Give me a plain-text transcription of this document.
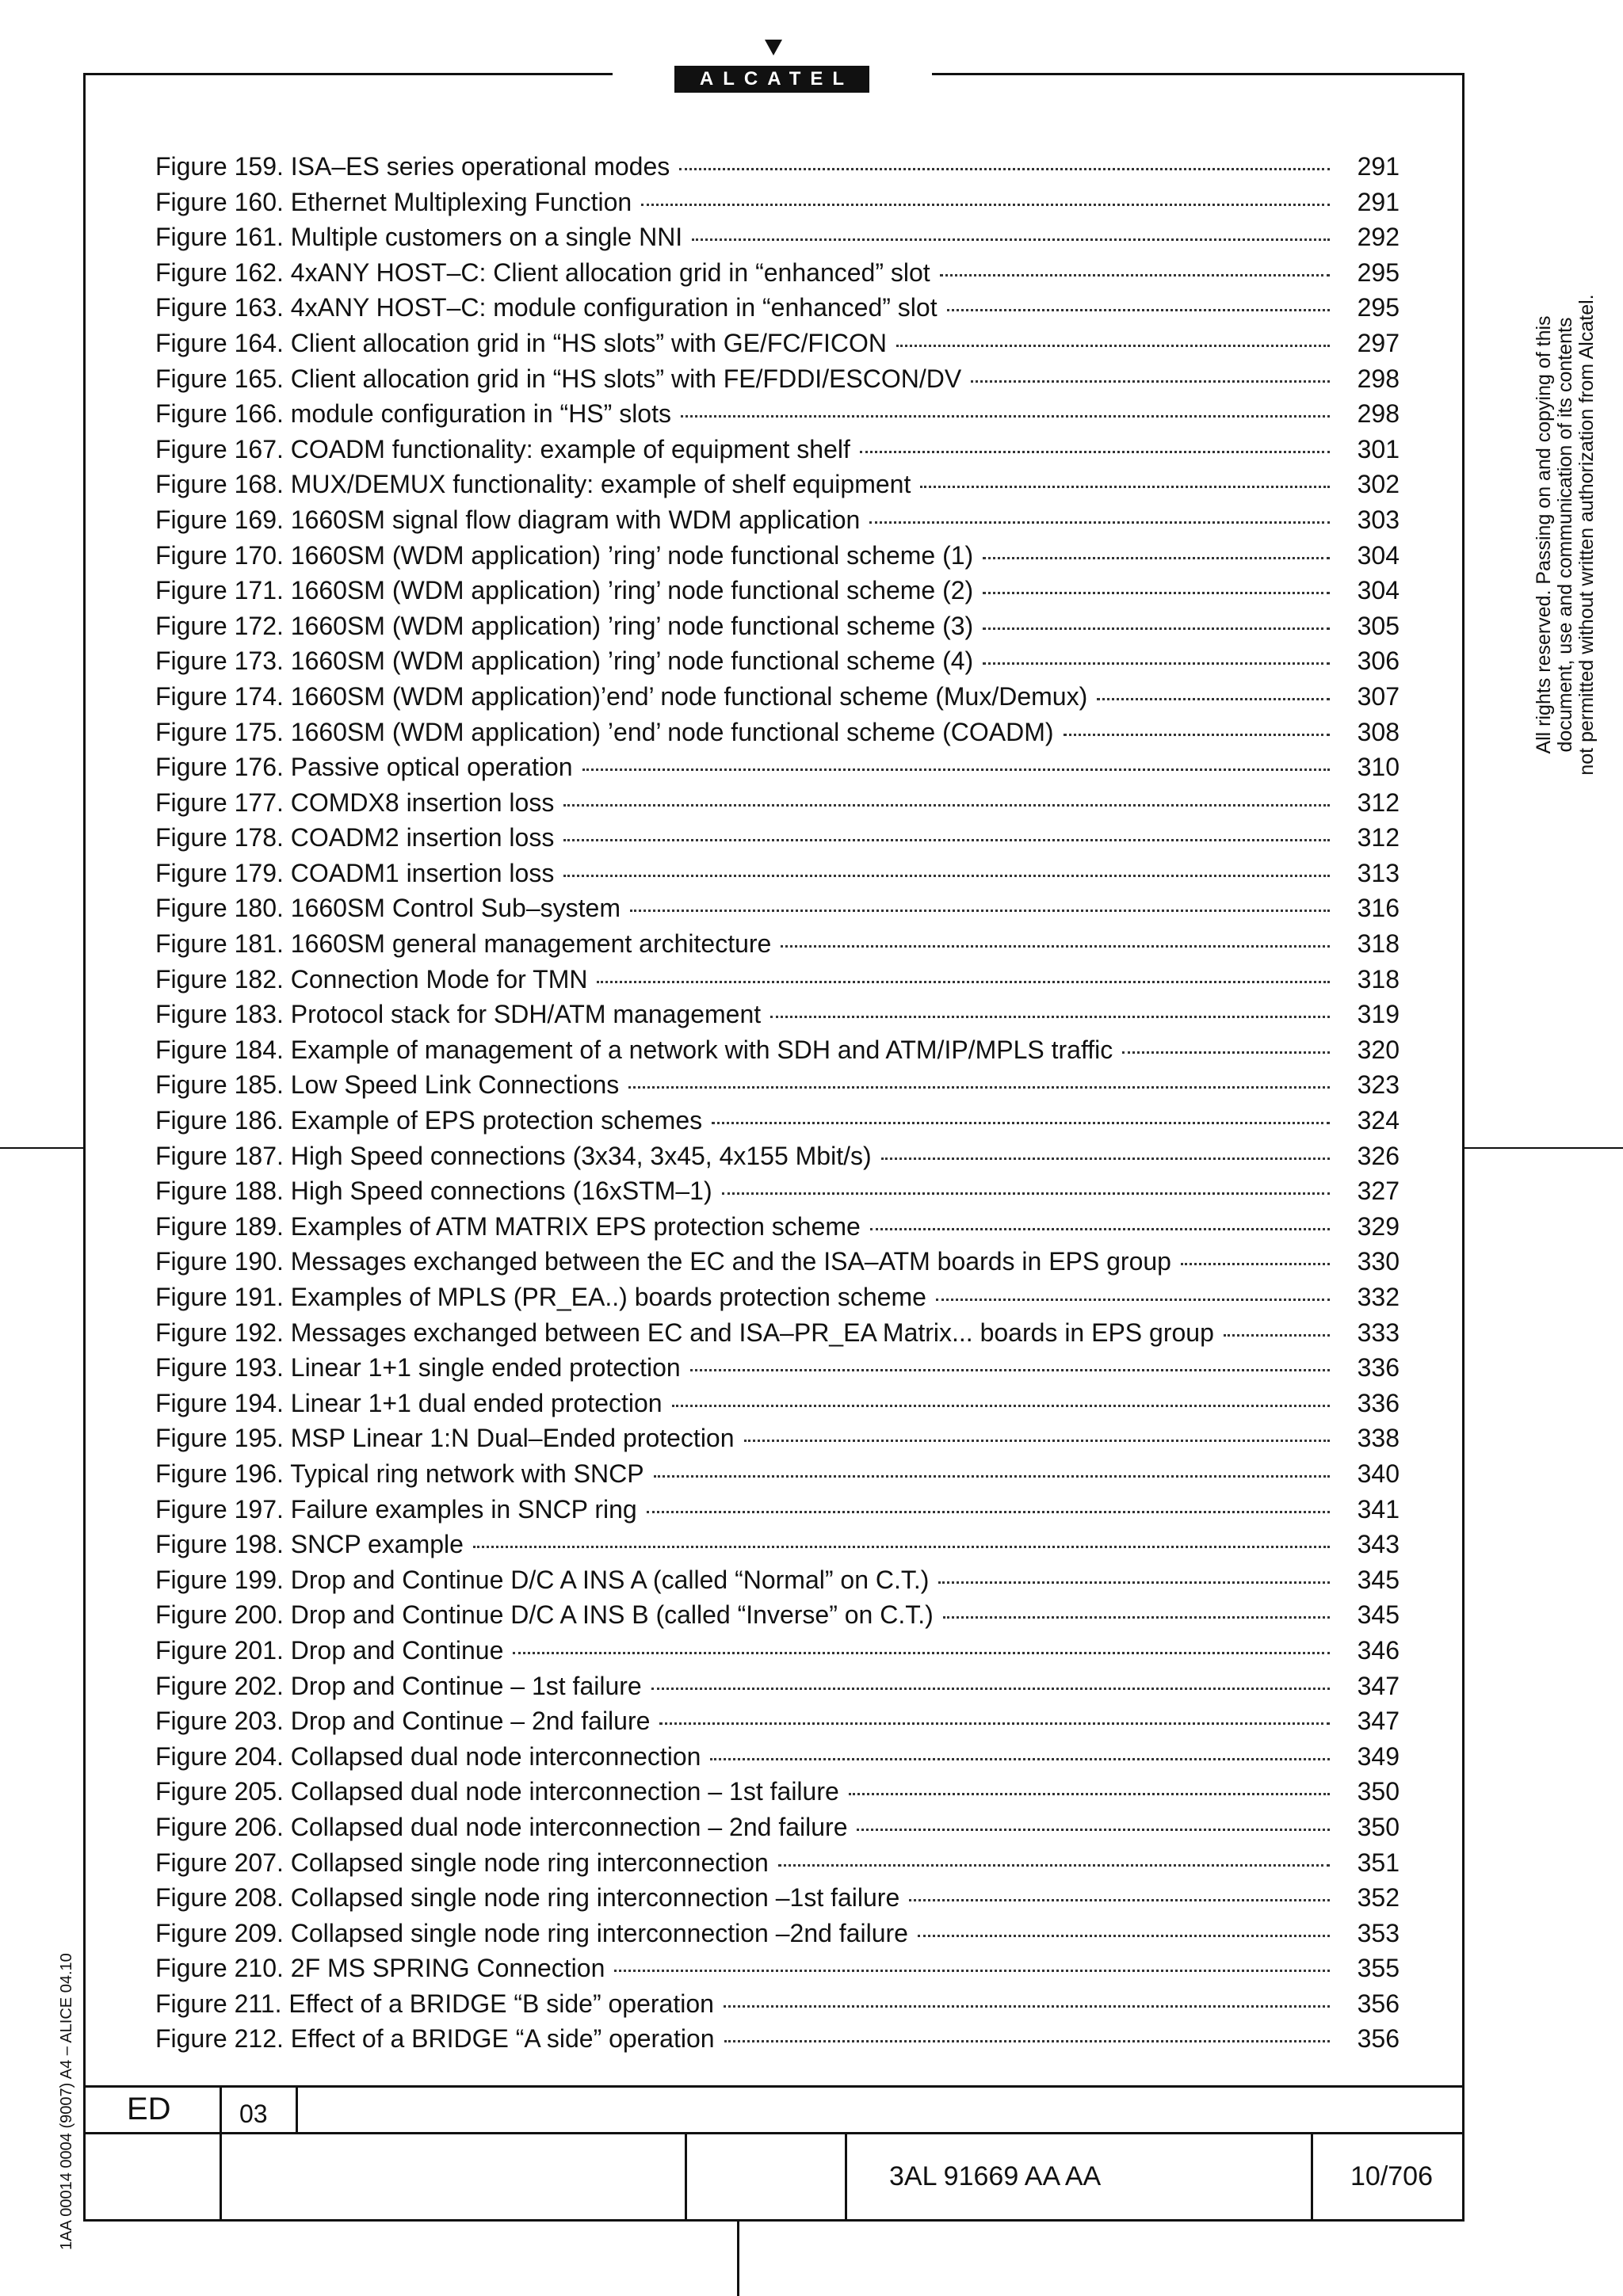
ALCATEL
Figure 159. ISA–ES series operational modes	291
Figure 160. Ethernet Multiplexing Function	291
Figure 161. Multiple customers on a single NNI	292
Figure 162. 4xANY HOST–C: Client allocation grid in “enhanced” slot	295
Figure 163. 4xANY HOST–C: module configuration in “enhanced” slot	295
Figure 164. Client allocation grid in “HS slots” with GE/FC/FICON	297
Figure 165. Client allocation grid in “HS slots” with FE/FDDI/ESCON/DV	298
Figure 166. module configuration in “HS” slots	298
Figure 167. COADM functionality: example of equipment shelf	301
Figure 168. MUX/DEMUX functionality: example of shelf equipment	302
Figure 169. 1660SM signal flow diagram with WDM application	303
Figure 170. 1660SM (WDM application) ’ring’ node functional scheme (1)	304
Figure 171. 1660SM (WDM application) ’ring’ node functional scheme (2)	304
Figure 172. 1660SM (WDM application) ’ring’ node functional scheme (3)	305
Figure 173. 1660SM (WDM application) ’ring’ node functional scheme (4)	306
Figure 174. 1660SM (WDM application)’end’ node functional scheme (Mux/Demux)	307
Figure 175. 1660SM (WDM application) ’end’ node functional scheme (COADM)	308
Figure 176. Passive optical operation	310
Figure 177. COMDX8 insertion loss	312
Figure 178. COADM2 insertion loss	312
Figure 179. COADM1 insertion loss	313
Figure 180. 1660SM Control Sub–system	316
Figure 181. 1660SM general management architecture	318
Figure 182. Connection Mode for TMN	318
Figure 183. Protocol stack for SDH/ATM management	319
Figure 184. Example of management of a network with SDH and ATM/IP/MPLS traffic	320
Figure 185. Low Speed Link Connections	323
Figure 186. Example of EPS protection schemes	324
Figure 187. High Speed connections (3x34, 3x45, 4x155 Mbit/s)	326
Figure 188. High Speed connections (16xSTM–1)	327
Figure 189. Examples of ATM MATRIX EPS protection scheme	329
Figure 190. Messages exchanged between the EC and the ISA–ATM boards in EPS group	330
Figure 191. Examples of MPLS (PR_EA..) boards protection scheme	332
Figure 192. Messages exchanged between EC and ISA–PR_EA Matrix... boards in EPS group	333
Figure 193. Linear 1+1 single ended protection	336
Figure 194. Linear 1+1 dual ended protection	336
Figure 195. MSP Linear 1:N Dual–Ended protection	338
Figure 196. Typical ring network with SNCP	340
Figure 197. Failure examples in SNCP ring	341
Figure 198. SNCP example	343
Figure 199. Drop and Continue D/C A INS A (called “Normal” on C.T.)	345
Figure 200. Drop and Continue D/C A INS B (called “Inverse” on C.T.)	345
Figure 201. Drop and Continue	346
Figure 202. Drop and Continue – 1st failure	347
Figure 203. Drop and Continue – 2nd failure	347
Figure 204. Collapsed dual node interconnection	349
Figure 205. Collapsed dual node interconnection – 1st failure	350
Figure 206. Collapsed dual node interconnection – 2nd failure	350
Figure 207. Collapsed single node ring interconnection	351
Figure 208. Collapsed single node ring interconnection –1st failure	352
Figure 209. Collapsed single node ring interconnection –2nd failure	353
Figure 210. 2F MS SPRING Connection	355
Figure 211. Effect of a BRIDGE “B side” operation	356
Figure 212. Effect of a BRIDGE “A side” operation	356
All rights reserved. Passing on and copying of this document, use and communication of its contents not permitted without written authorization from Alcatel.
1AA 00014 0004 (9007) A4 – ALICE 04.10 ED	03
3AL 91669 AA AA	10/706
